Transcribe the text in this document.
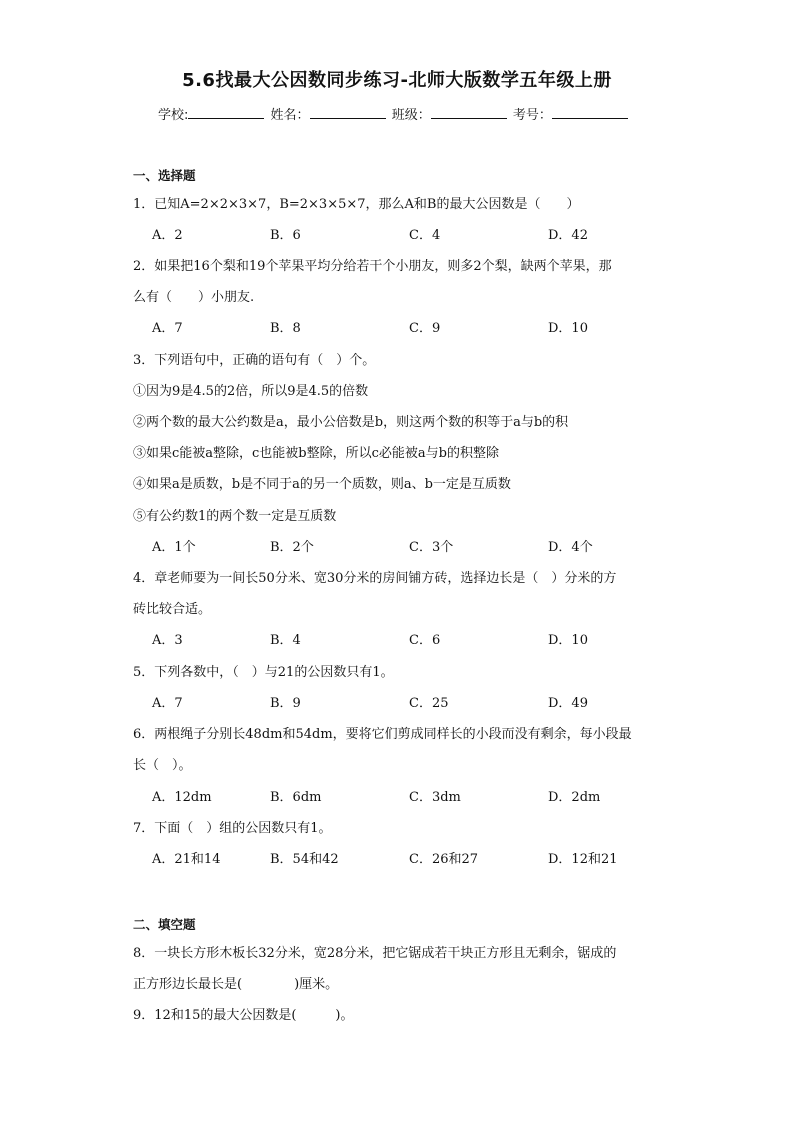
5.6找最大公因数同步练习-北师大版数学五年级上册
学校:	姓名：	班级：	考号：
一、选择题
1．已知A=2×2×3×7，B=2×3×5×7，那么A和B的最大公因数是（　　）
A．2	B．6	C．4	D．42
2．如果把16个梨和19个苹果平均分给若干个小朋友，则多2个梨，缺两个苹果，那
么有（　　）小朋友.
A．7	B．8	C．9	D．10
3．下列语句中，正确的语句有（　）个。
①因为9是4.5的2倍，所以9是4.5的倍数
②两个数的最大公约数是a，最小公倍数是b，则这两个数的积等于a与b的积
③如果c能被a整除，c也能被b整除，所以c必能被a与b的积整除
④如果a是质数，b是不同于a的另一个质数，则a、b一定是互质数
⑤有公约数1的两个数一定是互质数
A．1个	B．2个	C．3个	D．4个
4．章老师要为一间长50分米、宽30分米的房间铺方砖，选择边长是（　）分米的方
砖比较合适。
A．3	B．4	C．6	D．10
5．下列各数中，（　）与21的公因数只有1。
A．7	B．9	C．25	D．49
6．两根绳子分别长48dm和54dm，要将它们剪成同样长的小段而没有剩余，每小段最
长（　）。
A．12dm	B．6dm	C．3dm	D．2dm
7．下面（　）组的公因数只有1。
A．21和14	B．54和42	C．26和27	D．12和21
二、填空题
8．一块长方形木板长32分米，宽28分米，把它锯成若干块正方形且无剩余，锯成的
正方形边长最长是(　　　　)厘米。
9．12和15的最大公因数是(　　　)。
